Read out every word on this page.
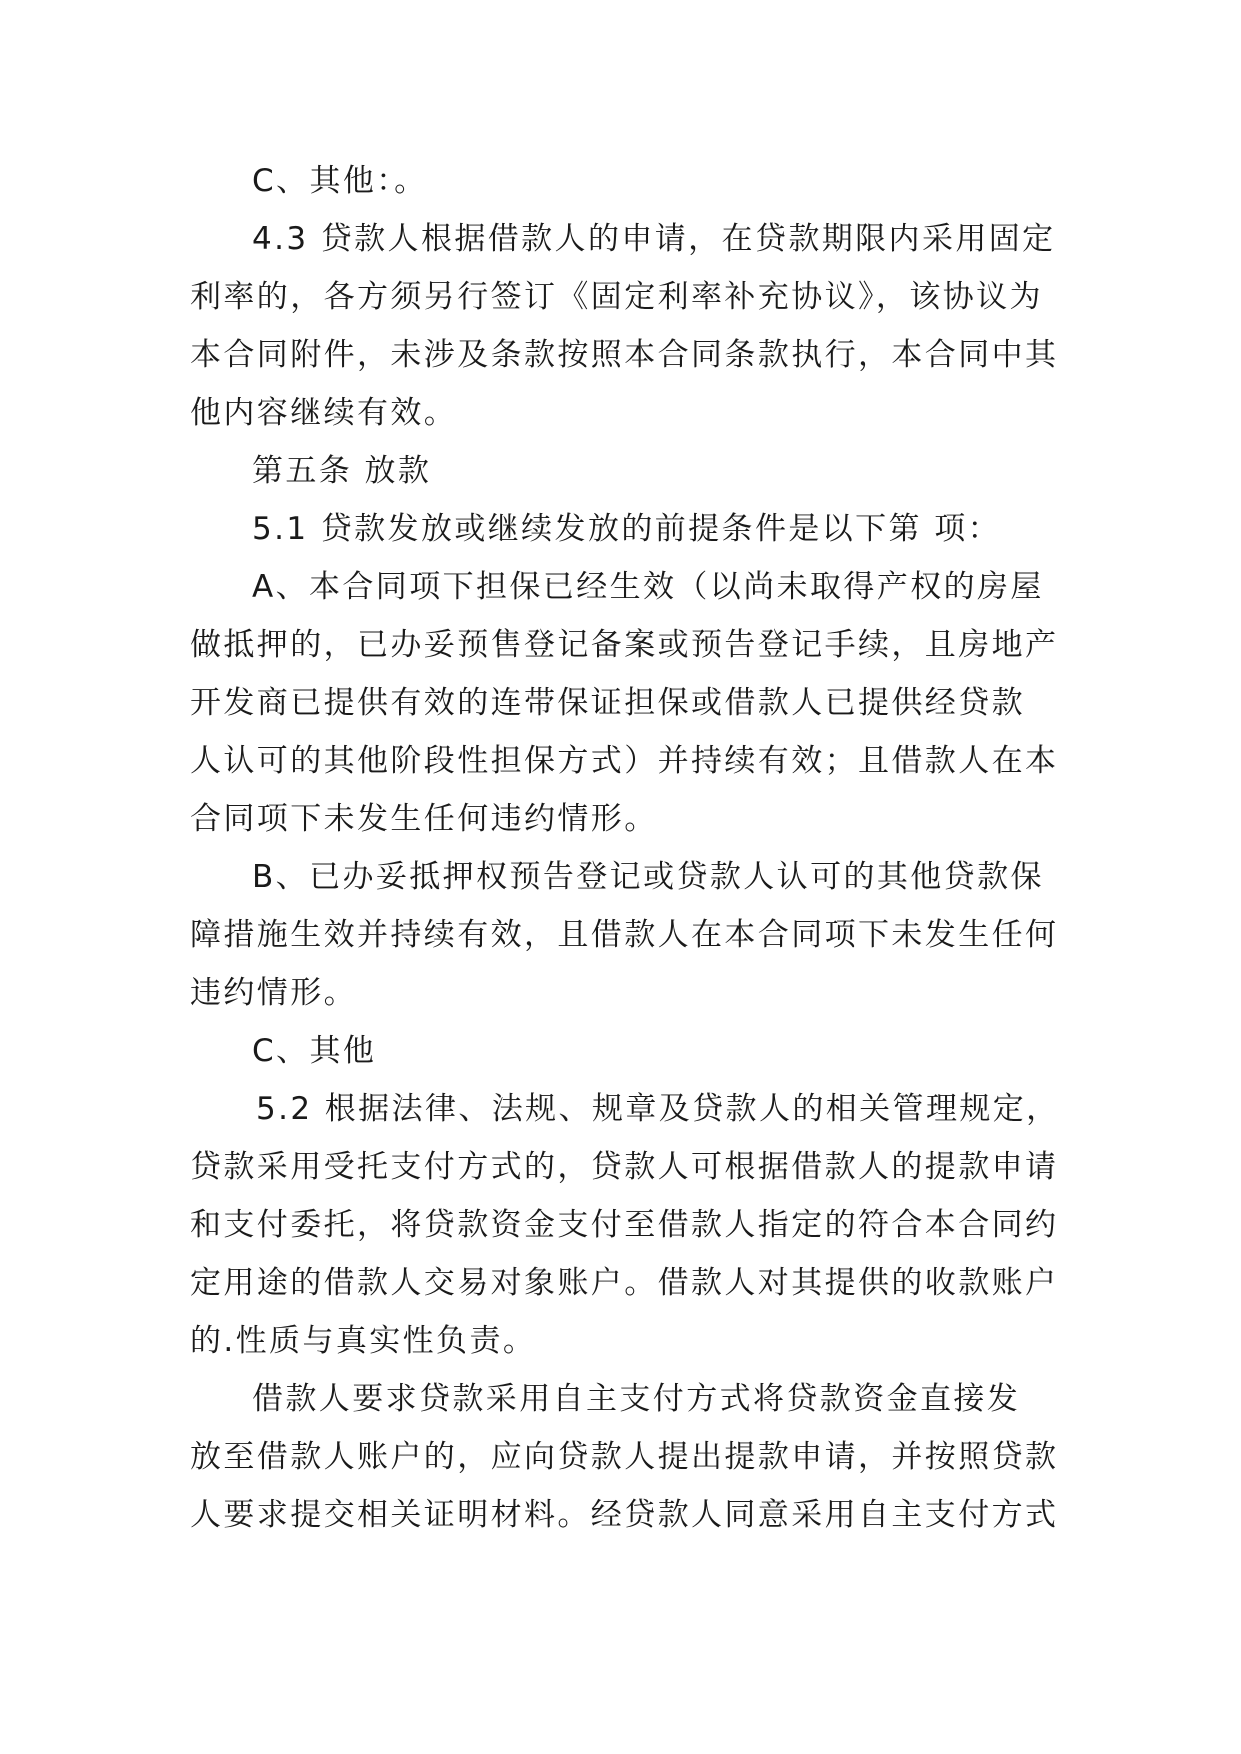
C、其他：。
4.3 贷款人根据借款人的申请，在贷款期限内采用固定
利率的，各方须另行签订《固定利率补充协议》，该协议为
本合同附件，未涉及条款按照本合同条款执行，本合同中其
他内容继续有效。
第五条 放款
5.1 贷款发放或继续发放的前提条件是以下第 项：
A、本合同项下担保已经生效（以尚未取得产权的房屋
做抵押的，已办妥预售登记备案或预告登记手续，且房地产
开发商已提供有效的连带保证担保或借款人已提供经贷款
人认可的其他阶段性担保方式）并持续有效；且借款人在本
合同项下未发生任何违约情形。
B、已办妥抵押权预告登记或贷款人认可的其他贷款保
障措施生效并持续有效，且借款人在本合同项下未发生任何
违约情形。
C、其他
5.2 根据法律、法规、规章及贷款人的相关管理规定，
贷款采用受托支付方式的，贷款人可根据借款人的提款申请
和支付委托，将贷款资金支付至借款人指定的符合本合同约
定用途的借款人交易对象账户。借款人对其提供的收款账户
的.性质与真实性负责。
借款人要求贷款采用自主支付方式将贷款资金直接发
放至借款人账户的，应向贷款人提出提款申请，并按照贷款
人要求提交相关证明材料。经贷款人同意采用自主支付方式
